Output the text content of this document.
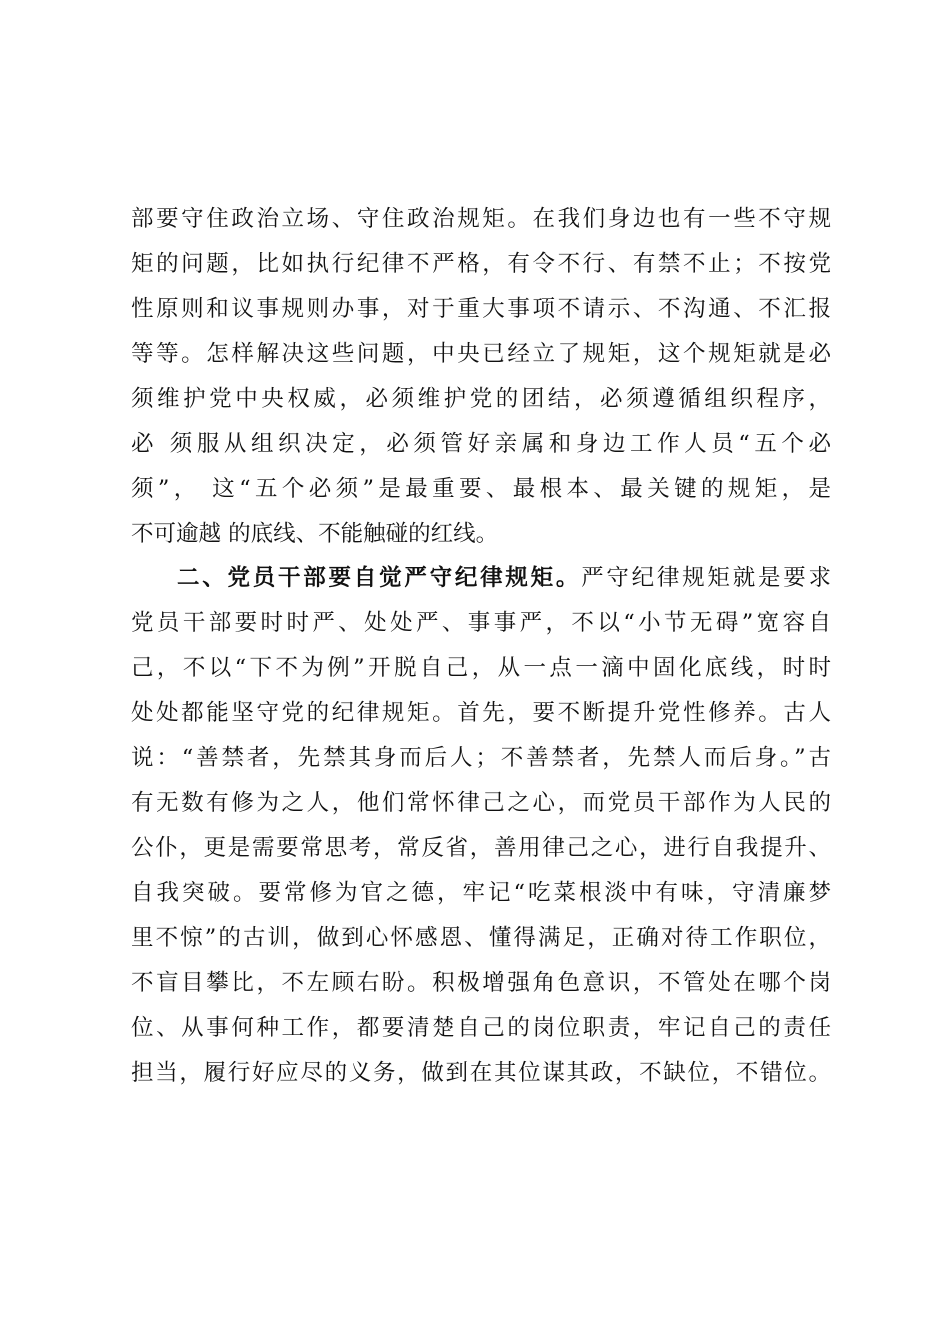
部要守住政治立场、守住政治规矩。在我们身边也有一些不守规
矩的问题，比如执行纪律不严格，有令不行、有禁不止；不按党
性原则和议事规则办事，对于重大事项不请示、不沟通、不汇报
等等。怎样解决这些问题，中央已经立了规矩，这个规矩就是必
须维护党中央权威，必须维护党的团结，必须遵循组织程序，
必 须服从组织决定，必须管好亲属和身边工作人员“五个必
须”， 这“五个必须”是最重要、最根本、最关键的规矩，是
不可逾越 的底线、不能触碰的红线。
二、党员干部要自觉严守纪律规矩。严守纪律规矩就是要求
党员干部要时时严、处处严、事事严，不以“小节无碍”宽容自
己，不以“下不为例”开脱自己，从一点一滴中固化底线，时时
处处都能坚守党的纪律规矩。首先，要不断提升党性修养。古人
说：“善禁者，先禁其身而后人；不善禁者，先禁人而后身。”古
有无数有修为之人，他们常怀律己之心，而党员干部作为人民的
公仆，更是需要常思考，常反省，善用律己之心，进行自我提升、
自我突破。要常修为官之德，牢记“吃菜根淡中有味，守清廉梦
里不惊”的古训，做到心怀感恩、懂得满足，正确对待工作职位，
不盲目攀比，不左顾右盼。积极增强角色意识，不管处在哪个岗
位、从事何种工作，都要清楚自己的岗位职责，牢记自己的责任
担当，履行好应尽的义务，做到在其位谋其政，不缺位，不错位。
